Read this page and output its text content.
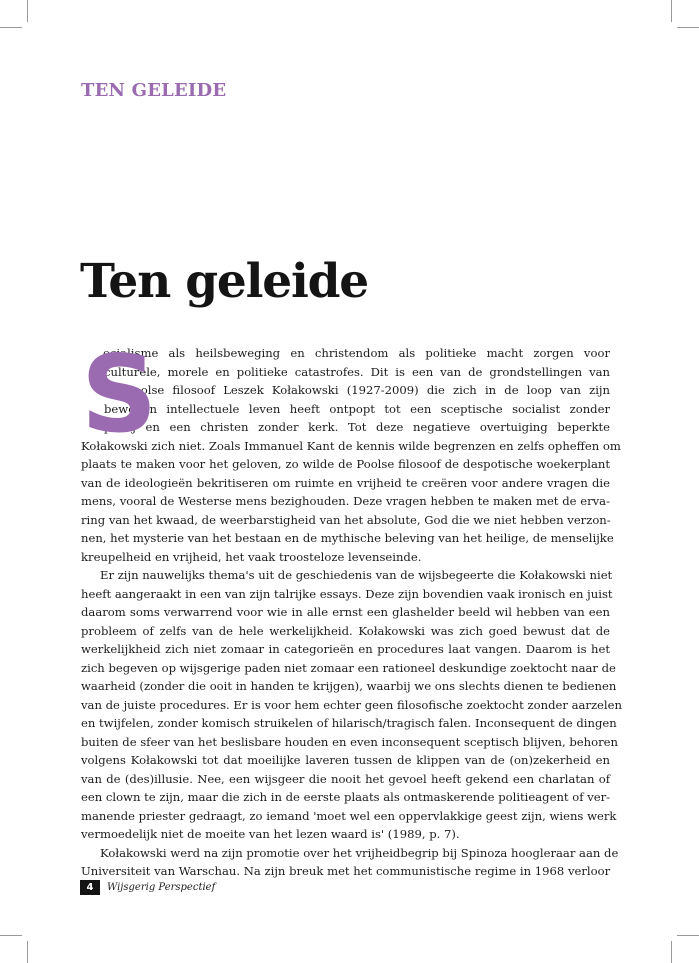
TEN GELEIDE
Ten geleide
S
ocialisme als heilsbeweging en christendom als politieke macht zorgen voor
culturele, morele en politieke catastrofes. Dit is een van de grondstellingen van
de Poolse filosoof Leszek Kołakowski (1927-2009) die zich in de loop van zijn
bewogen intellectuele leven heeft ontpopt tot een sceptische socialist zonder
partij en een christen zonder kerk. Tot deze negatieve overtuiging beperkte
Kołakowski zich niet. Zoals Immanuel Kant de kennis wilde begrenzen en zelfs opheffen om
plaats te maken voor het geloven, zo wilde de Poolse filosoof de despotische woekerplant
van de ideologieën bekritiseren om ruimte en vrijheid te creëren voor andere vragen die
mens, vooral de Westerse mens bezighouden. Deze vragen hebben te maken met de erva-
ring van het kwaad, de weerbarstigheid van het absolute, God die we niet hebben verzon-
nen, het mysterie van het bestaan en de mythische beleving van het heilige, de menselijke
kreupelheid en vrijheid, het vaak troosteloze levenseinde.
Er zijn nauwelijks thema's uit de geschiedenis van de wijsbegeerte die Kołakowski niet
heeft aangeraakt in een van zijn talrijke essays. Deze zijn bovendien vaak ironisch en juist
daarom soms verwarrend voor wie in alle ernst een glashelder beeld wil hebben van een
probleem of zelfs van de hele werkelijkheid. Kołakowski was zich goed bewust dat de
werkelijkheid zich niet zomaar in categorieën en procedures laat vangen. Daarom is het
zich begeven op wijsgerige paden niet zomaar een rationeel deskundige zoektocht naar de
waarheid (zonder die ooit in handen te krijgen), waarbij we ons slechts dienen te bedienen
van de juiste procedures. Er is voor hem echter geen filosofische zoektocht zonder aarzelen
en twijfelen, zonder komisch struikelen of hilarisch/tragisch falen. Inconsequent de dingen
buiten de sfeer van het beslisbare houden en even inconsequent sceptisch blijven, behoren
volgens Kołakowski tot dat moeilijke laveren tussen de klippen van de (on)zekerheid en
van de (des)illusie. Nee, een wijsgeer die nooit het gevoel heeft gekend een charlatan of
een clown te zijn, maar die zich in de eerste plaats als ontmaskerende politieagent of ver-
manende priester gedraagt, zo iemand 'moet wel een oppervlakkige geest zijn, wiens werk
vermoedelijk niet de moeite van het lezen waard is' (1989, p. 7).
Kołakowski werd na zijn promotie over het vrijheidbegrip bij Spinoza hoogleraar aan de
Universiteit van Warschau. Na zijn breuk met het communistische regime in 1968 verloor
4	Wijsgerig Perspectief
